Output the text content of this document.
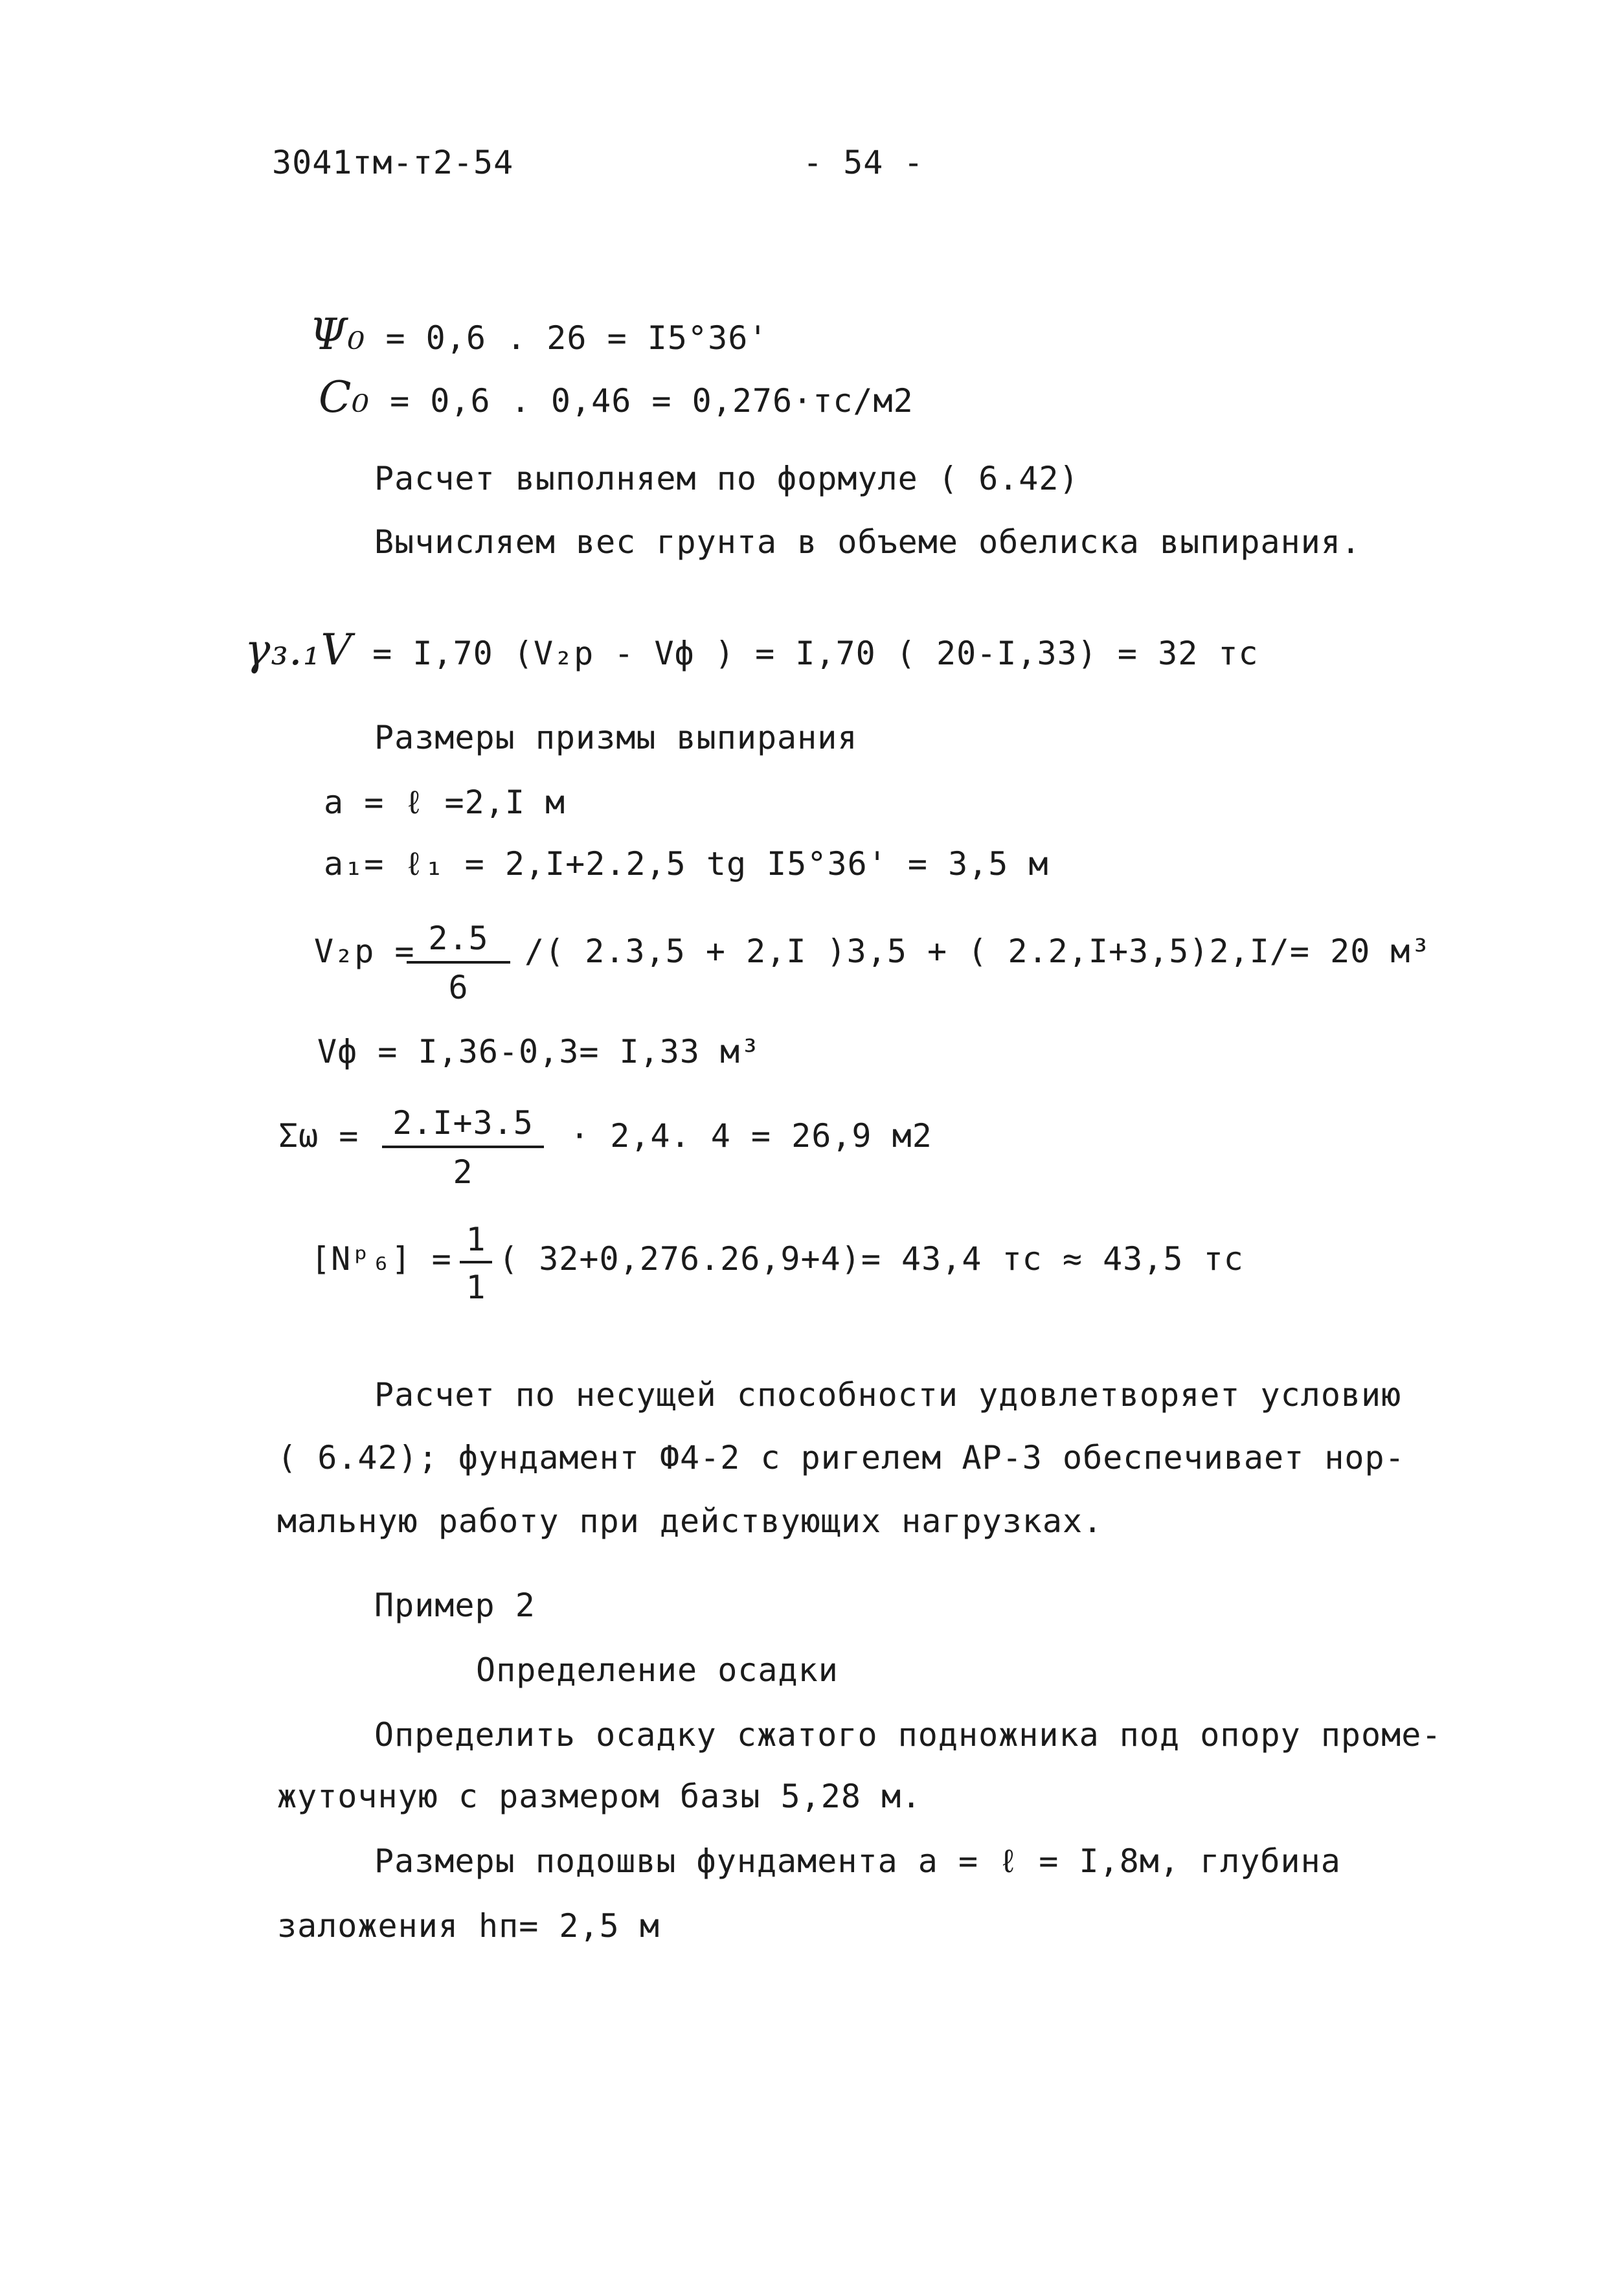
3041тм-т2-54	- 54 -
Ψ₀ = 0,6 . 26 = I5°36'
C₀ = 0,6 . 0,46 = 0,276·тс/м2
Расчет выполняем по формуле ( 6.42)
Вычисляем вес грунта в объеме обелиска выпирания.
γ₃.₁V = I,70 (V₂р - Vф ) = I,70 ( 20-I,33) = 32 тс
Размеры призмы выпирания
a = ℓ =2,I м
a₁= ℓ₁ = 2,I+2.2,5 tg I5°36' = 3,5 м
V₂р =
$\frac{2.5}{6}$ /( 2.3,5 + 2,I )3,5 + ( 2.2,I+3,5)2,I/= 20 м³
Vф = I,36-0,3= I,33 м³
$\Sigma\omega = \frac{2.I+3.5}{2} \cdot 2,4$. 4 = 26,9 м2
[Nᵖ₆] = $\frac{1}{1}$ ( 32+0,276.26,9+4)= 43,4 тс ≈ 43,5 тс
Расчет по несущей способности удовлетворяет условию
( 6.42); фундамент Ф4-2 с ригелем АР-3 обеспечивает нор-
мальную работу при действующих нагрузках.
Пример 2
Определение осадки
Определить осадку сжатого подножника под опору проме-
жуточную с размером базы 5,28 м.
Размеры подошвы фундамента a = ℓ = I,8м, глубина
заложения hп= 2,5 м
